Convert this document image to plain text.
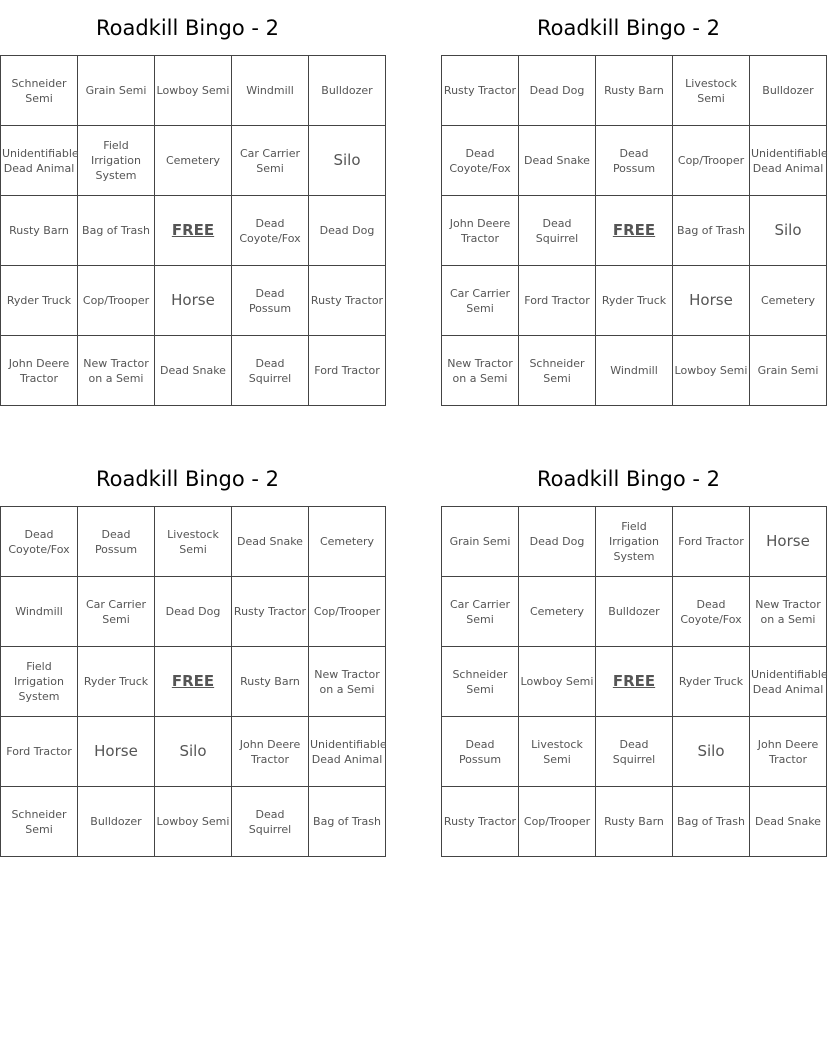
Roadkill Bingo - 2
Schneider Semi	Grain Semi	Lowboy Semi	Windmill	Bulldozer
Unidentifiable Dead Animal	Field Irrigation System	Cemetery	Car Carrier Semi	Silo
Rusty Barn	Bag of Trash	FREE	Dead Coyote/Fox	Dead Dog
Ryder Truck	Cop/Trooper	Horse	Dead Possum	Rusty Tractor
John Deere Tractor	New Tractor on a Semi	Dead Snake	Dead Squirrel	Ford Tractor
Roadkill Bingo - 2
Rusty Tractor	Dead Dog	Rusty Barn	Livestock Semi	Bulldozer
Dead Coyote/Fox	Dead Snake	Dead Possum	Cop/Trooper	Unidentifiable Dead Animal
John Deere Tractor	Dead Squirrel	FREE	Bag of Trash	Silo
Car Carrier Semi	Ford Tractor	Ryder Truck	Horse	Cemetery
New Tractor on a Semi	Schneider Semi	Windmill	Lowboy Semi	Grain Semi
Roadkill Bingo - 2
Dead Coyote/Fox	Dead Possum	Livestock Semi	Dead Snake	Cemetery
Windmill	Car Carrier Semi	Dead Dog	Rusty Tractor	Cop/Trooper
Field Irrigation System	Ryder Truck	FREE	Rusty Barn	New Tractor on a Semi
Ford Tractor	Horse	Silo	John Deere Tractor	Unidentifiable Dead Animal
Schneider Semi	Bulldozer	Lowboy Semi	Dead Squirrel	Bag of Trash
Roadkill Bingo - 2
Grain Semi	Dead Dog	Field Irrigation System	Ford Tractor	Horse
Car Carrier Semi	Cemetery	Bulldozer	Dead Coyote/Fox	New Tractor on a Semi
Schneider Semi	Lowboy Semi	FREE	Ryder Truck	Unidentifiable Dead Animal
Dead Possum	Livestock Semi	Dead Squirrel	Silo	John Deere Tractor
Rusty Tractor	Cop/Trooper	Rusty Barn	Bag of Trash	Dead Snake
